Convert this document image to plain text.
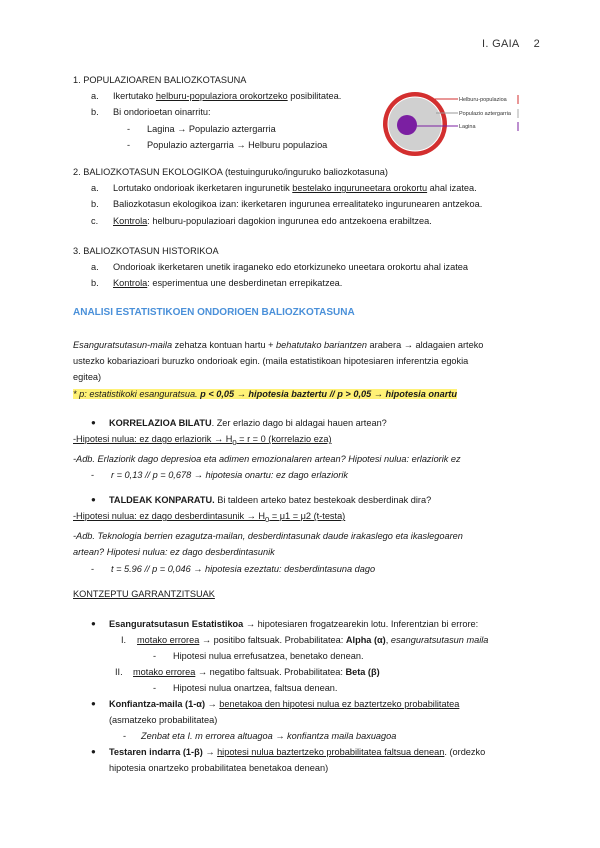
I. GAIA 2
1. POPULAZIOAREN BALIOZKOTASUNA
a. Ikertutako helburu-populaziora orokortzeko posibilitatea.
b. Bi ondorioetan oinarritu:
- Lagina → Populazio aztergarria
- Populazio aztergarria → Helburu populazioa
Helburu-populazioa
Populazio aztergarria
Lagina
2. BALIOZKOTASUN EKOLOGIKOA (testuinguruko/inguruko baliozkotasuna)
a. Lortutako ondorioak ikerketaren ingurunetik bestelako inguruneetara orokortu ahal izatea.
b. Baliozkotasun ekologikoa izan: ikerketaren ingurunea errealitateko ingurunearen antzekoa.
c. Kontrola: helburu-populazioari dagokion ingurunea edo antzekoena erabiltzea.
3. BALIOZKOTASUN HISTORIKOA
a. Ondorioak ikerketaren unetik iraganeko edo etorkizuneko uneetara orokortu ahal izatea
b. Kontrola: esperimentua une desberdinetan errepikatzea.
ANALISI ESTATISTIKOEN ONDORIOEN BALIOZKOTASUNA
Esanguratsutasun-maila zehatza kontuan hartu + behatutako bariantzen arabera → aldagaien arteko
ustezko kobariazioari buruzko ondorioak egin. (maila estatistikoan hipotesiaren inferentzia egokia
egitea)
* p: estatistikoki esanguratsua. p < 0,05 → hipotesia baztertu // p > 0,05 → hipotesia onartu
● KORRELAZIOA BILATU. Zer erlazio dago bi aldagai hauen artean?
-Hipotesi nulua: ez dago erlaziorik → $H_0 = r = 0$ (korrelazio eza)
-Adb. Erlaziorik dago depresioa eta adimen emozionalaren artean? Hipotesi nulua: erlaziorik ez
- r = 0,13 // p = 0,678 → hipotesia onartu: ez dago erlaziorik
● TALDEAK KONPARATU. Bi taldeen arteko batez bestekoak desberdinak dira?
-Hipotesi nulua: ez dago desberdintasunik → $H_0 = \mu 1 = \mu 2$ (t-testa)
-Adb. Teknologia berrien ezagutza-mailan, desberdintasunak daude irakaslego eta ikaslegoaren
artean? Hipotesi nulua: ez dago desberdintasunik
- t = 5.96 // p = 0,046 → hipotesia ezeztatu: desberdintasuna dago
KONTZEPTU GARRANTZITSUAK
● Esanguratsutasun Estatistikoa → hipotesiaren frogatzearekin lotu. Inferentzian bi errore:
I. motako errorea → positibo faltsuak. Probabilitatea: Alpha (α), esanguratsutasun maila
- Hipotesi nulua errefusatzea, benetako denean.
II. motako errorea → negatibo faltsuak. Probabilitatea: Beta (β)
- Hipotesi nulua onartzea, faltsua denean.
● Konfiantza-maila (1-α) → benetakoa den hipotesi nulua ez baztertzeko probabilitatea
(asmatzeko probabilitatea)
- Zenbat eta I. m errorea altuagoa → konfiantza maila baxuagoa
● Testaren indarra (1-β) → hipotesi nulua baztertzeko probabilitatea faltsua denean. (ordezko
hipotesia onartzeko probabilitatea benetakoa denean)
